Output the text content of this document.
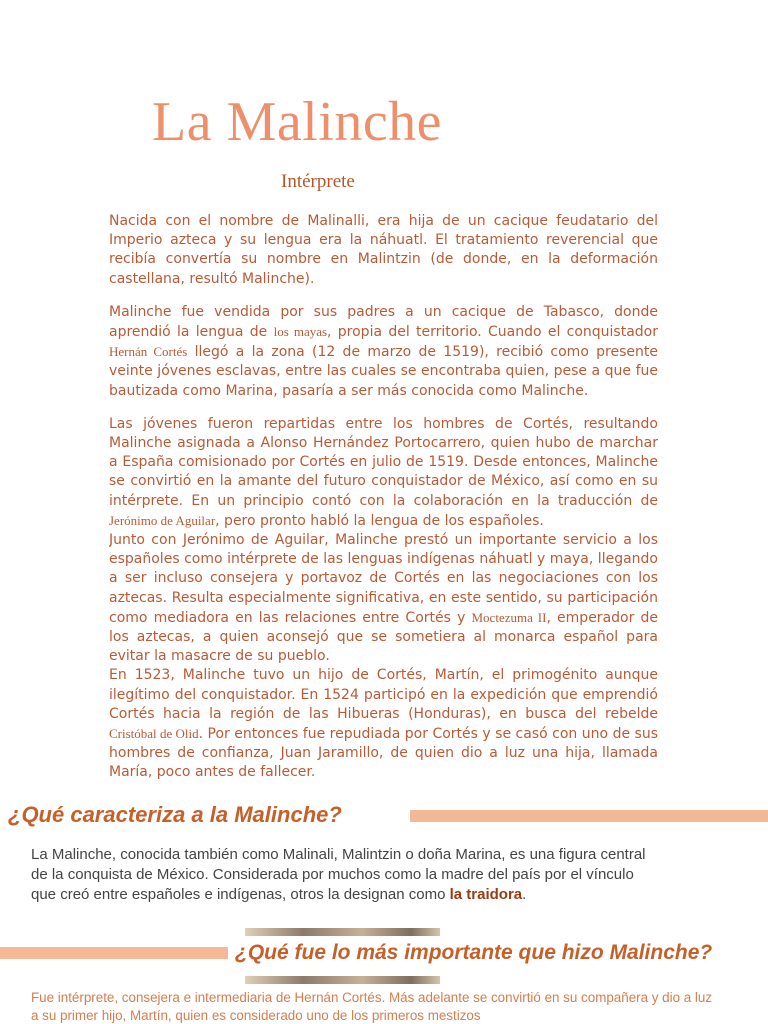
La Malinche
Intérprete

Nacida con el nombre de Malinalli, era hija de un cacique feudatario del Imperio azteca y su lengua era la náhuatl. El tratamiento reverencial que recibía convertía su nombre en Malintzin (de donde, en la deformación castellana, resultó Malinche).

Malinche fue vendida por sus padres a un cacique de Tabasco, donde aprendió la lengua de los mayas, propia del territorio. Cuando el conquistador Hernán Cortés llegó a la zona (12 de marzo de 1519), recibió como presente veinte jóvenes esclavas, entre las cuales se encontraba quien, pese a que fue bautizada como Marina, pasaría a ser más conocida como Malinche.

Las jóvenes fueron repartidas entre los hombres de Cortés, resultando Malinche asignada a Alonso Hernández Portocarrero, quien hubo de marchar a España comisionado por Cortés en julio de 1519. Desde entonces, Malinche se convirtió en la amante del futuro conquistador de México, así como en su intérprete. En un principio contó con la colaboración en la traducción de Jerónimo de Aguilar, pero pronto habló la lengua de los españoles.

Junto con Jerónimo de Aguilar, Malinche prestó un importante servicio a los españoles como intérprete de las lenguas indígenas náhuatl y maya, llegando a ser incluso consejera y portavoz de Cortés en las negociaciones con los aztecas. Resulta especialmente significativa, en este sentido, su participación como mediadora en las relaciones entre Cortés y Moctezuma II, emperador de los aztecas, a quien aconsejó que se sometiera al monarca español para evitar la masacre de su pueblo.

En 1523, Malinche tuvo un hijo de Cortés, Martín, el primogénito aunque ilegítimo del conquistador. En 1524 participó en la expedición que emprendió Cortés hacia la región de las Hibueras (Honduras), en busca del rebelde Cristóbal de Olid. Por entonces fue repudiada por Cortés y se casó con uno de sus hombres de confianza, Juan Jaramillo, de quien dio a luz una hija, llamada María, poco antes de fallecer.

¿Qué caracteriza a la Malinche?

La Malinche, conocida también como Malinali, Malintzin o doña Marina, es una figura central de la conquista de México. Considerada por muchos como la madre del país por el vínculo que creó entre españoles e indígenas, otros la designan como la traidora.

¿Qué fue lo más importante que hizo Malinche?

Fue intérprete, consejera e intermediaria de Hernán Cortés. Más adelante se convirtió en su compañera y dio a luz a su primer hijo, Martín, quien es considerado uno de los primeros mestizos
